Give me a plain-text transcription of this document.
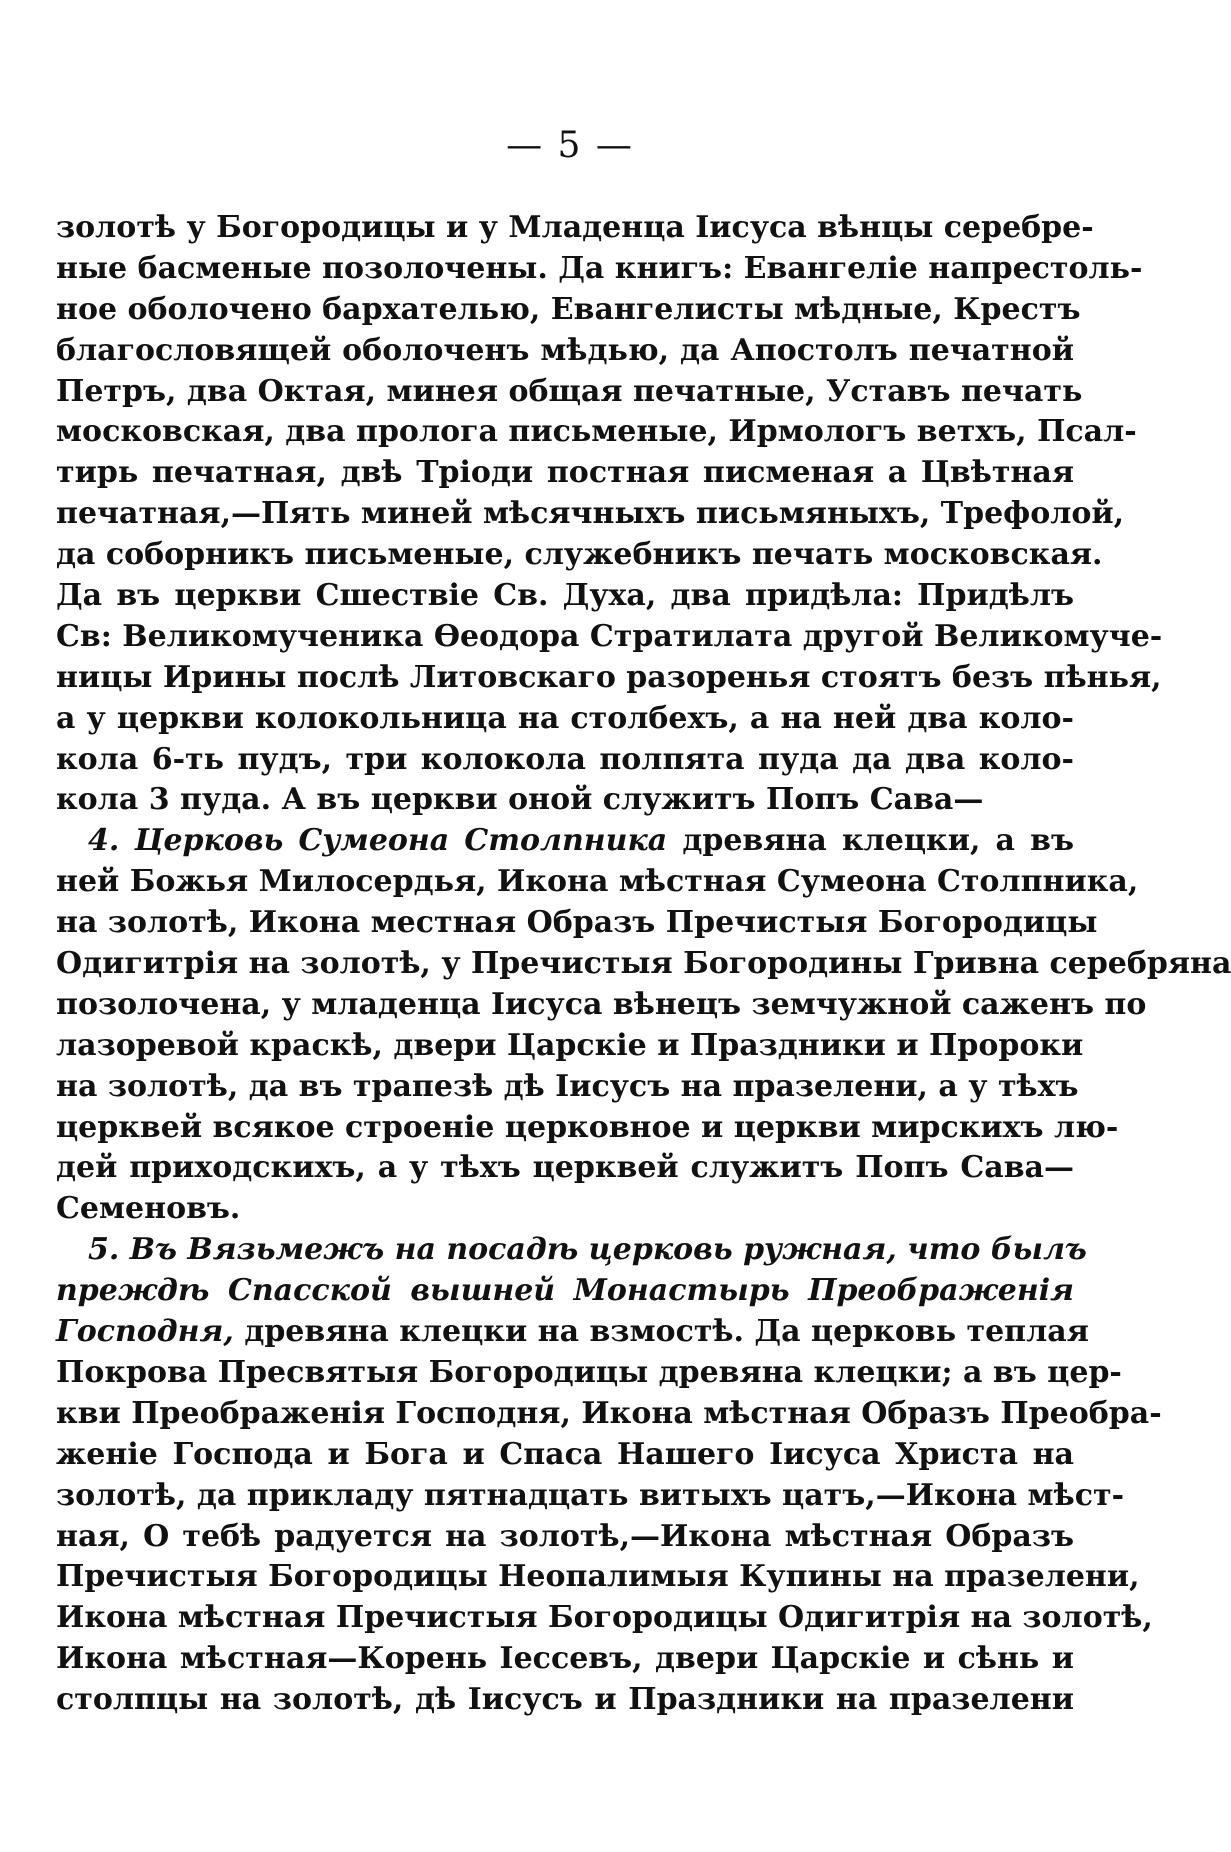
— 5 —
золотѣ у Богородицы и у Младенца Іисуса вѣнцы серебре-
ные басменые позолочены. Да книгъ: Евангеліе напрестоль-
ное оболочено бархателью, Евангелисты мѣдные, Крестъ
благословящей оболоченъ мѣдью, да Апостолъ печатной
Петръ, два Октая, минея общая печатные, Уставъ печать
московская, два пролога письменые, Ирмологъ ветхъ, Псал-
тирь печатная, двѣ Тріоди постная писменая а Цвѣтная
печатная,—Пять миней мѣсячныхъ письмяныхъ, Трефолой,
да соборникъ письменые, служебникъ печать московская.
Да въ церкви Сшествіе Св. Духа, два придѣла: Придѣлъ
Св: Великомученика Ѳеодора Стратилата другой Великомуче-
ницы Ирины послѣ Литовскаго разоренья стоятъ безъ пѣнья,
а у церкви колокольница на столбехъ, а на ней два коло-
кола 6-ть пудъ, три колокола полпята пуда да два коло-
кола 3 пуда. А въ церкви оной служитъ Попъ Сава—
4. Церковь Сумеона Столпника древяна клецки, а въ
ней Божья Милосердья, Икона мѣстная Сумеона Столпника,
на золотѣ, Икона местная Образъ Пречистыя Богородицы
Одигитрія на золотѣ, у Пречистыя Богородины Гривна серебряна
позолочена, у младенца Іисуса вѣнецъ земчужной саженъ по
лазоревой краскѣ, двери Царскіе и Праздники и Пророки
на золотѣ, да въ трапезѣ дѣ Іисусъ на празелени, а у тѣхъ
церквей всякое строеніе церковное и церкви мирскихъ лю-
дей приходскихъ, а у тѣхъ церквей служитъ Попъ Сава—
Семеновъ.
5. Въ Вязьмежъ на посадѣ церковь ружная, что былъ
преждѣ Спасской вышней Монастырь Преображенія
Господня, древяна клецки на взмостѣ. Да церковь теплая
Покрова Пресвятыя Богородицы древяна клецки; а въ цер-
кви Преображенія Господня, Икона мѣстная Образъ Преобра-
женіе Господа и Бога и Спаса Нашего Іисуса Христа на
золотѣ, да прикладу пятнадцать витыхъ цатъ,—Икона мѣст-
ная, О тебѣ радуется на золотѣ,—Икона мѣстная Образъ
Пречистыя Богородицы Неопалимыя Купины на празелени,
Икона мѣстная Пречистыя Богородицы Одигитрія на золотѣ,
Икона мѣстная—Корень Іессевъ, двери Царскіе и сѣнь и
столпцы на золотѣ, дѣ Іисусъ и Праздники на празелени
